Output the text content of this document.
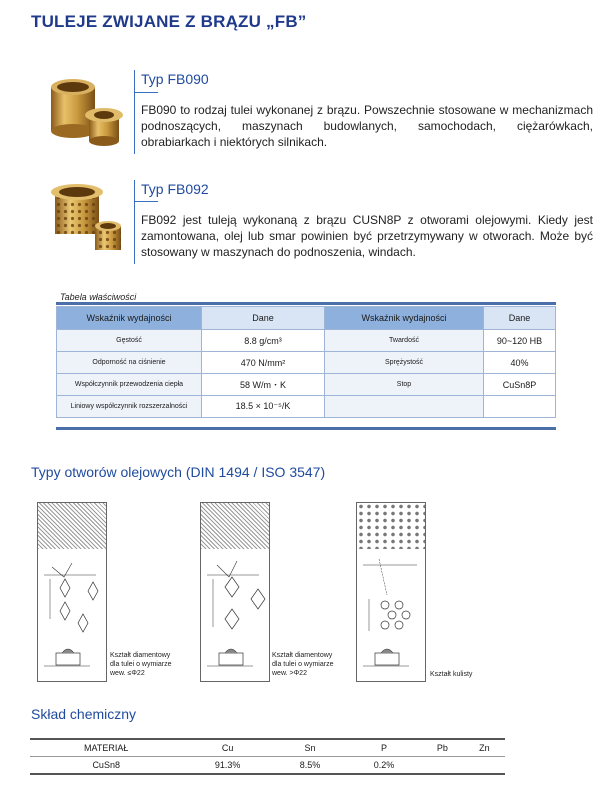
TULEJE ZWIJANE Z BRĄZU „FB”
Typ FB090
FB090 to rodzaj tulei wykonanej z brązu. Powszechnie stosowane w mechanizmach podnoszących, maszynach budowlanych, samochodach, ciężarówkach, obrabiarkach i niektórych silnikach.
Typ FB092
FB092 jest tuleją wykonaną z brązu CUSN8P z otworami olejowymi. Kiedy jest zamontowana, olej lub smar powinien być przetrzymywany w otworach. Może być stosowany w maszynach do podnoszenia, windach.
Tabela właściwości
Wskaźnik wydajności	Dane	Wskaźnik wydajności	Dane
Gęstość	8.8 g/cm³	Twardość	90~120 HB
Odporność na ciśnienie	470 N/mm²	Sprężystość	40%
Współczynnik przewodzenia ciepła	58 W/m・K	Stop	CuSn8P
Liniowy współczynnik rozszerzalności	18.5 × 10⁻⁵/K		
Typy otworów olejowych (DIN 1494 / ISO 3547)
Kształt diamentowy
dla tulei o wymiarze
wew. ≤Φ22
Kształt diamentowy
dla tulei o wymiarze
wew. >Φ22	Kształt kulisty
Skład chemiczny
MATERIAŁ	Cu	Sn	P	Pb	Zn
CuSn8	91.3%	8.5%	0.2%		
